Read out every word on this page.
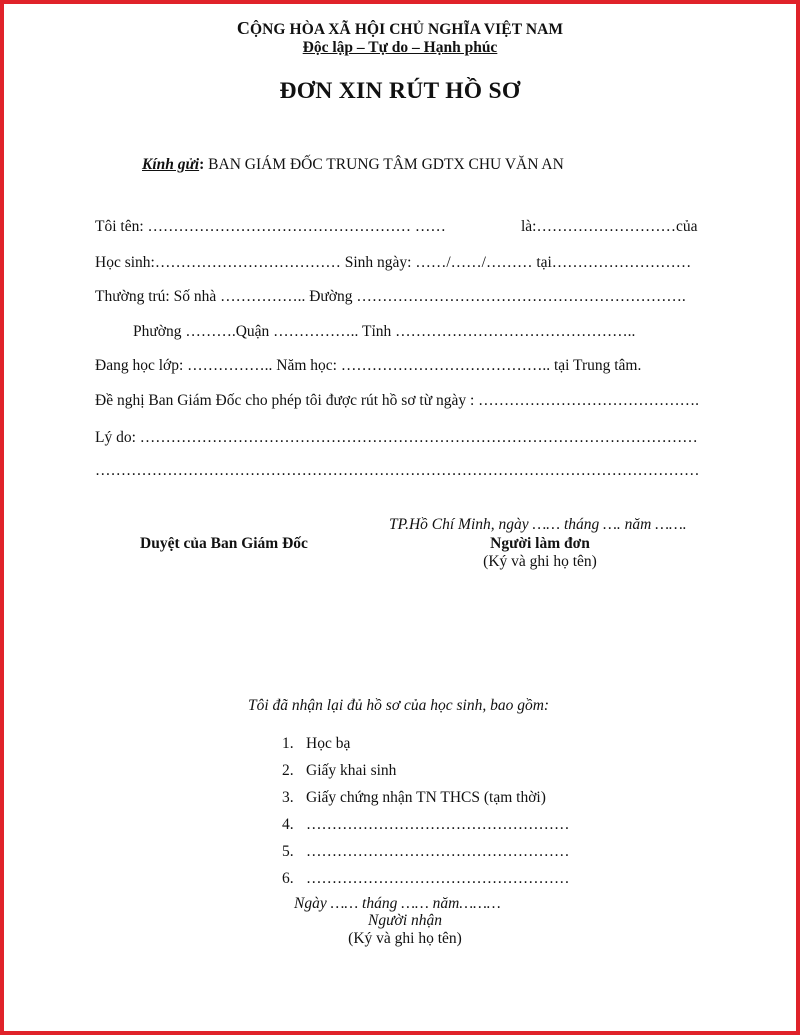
CỘNG HÒA XÃ HỘI CHỦ NGHĨA VIỆT NAM
Độc lập – Tự do – Hạnh phúc
ĐƠN XIN RÚT HỒ SƠ
Kính gửi: BAN GIÁM ĐỐC TRUNG TÂM GDTX CHU VĂN AN
Tôi tên: …………………………………………… ……	là:………………………của
Học sinh:……………………………… Sinh ngày: ……/……/……… tại………………………
Thường trú: Số nhà …………….. Đường ……………………………………………………….
Phường ……….Quận …………….. Tỉnh ………………………………………..
Đang học lớp: …………….. Năm học: ………………………………….. tại Trung tâm.
Đề nghị Ban Giám Đốc cho phép tôi được rút hồ sơ từ ngày : …………………………………….
Lý do: ………………………………………………………………………………………………
………………………………………………………………………………………………………
TP.Hồ Chí Minh, ngày …… tháng …. năm …….
Duyệt của Ban Giám Đốc	Người làm đơn
(Ký và ghi họ tên)
Tôi đã nhận lại đủ hồ sơ của học sinh, bao gồm:
1. Học bạ
2. Giấy khai sinh
3. Giấy chứng nhận TN THCS (tạm thời)
4. ……………………………………………
5. ……………………………………………
6. ……………………………………………
Ngày …… tháng …… năm………
Người nhận
(Ký và ghi họ tên)
